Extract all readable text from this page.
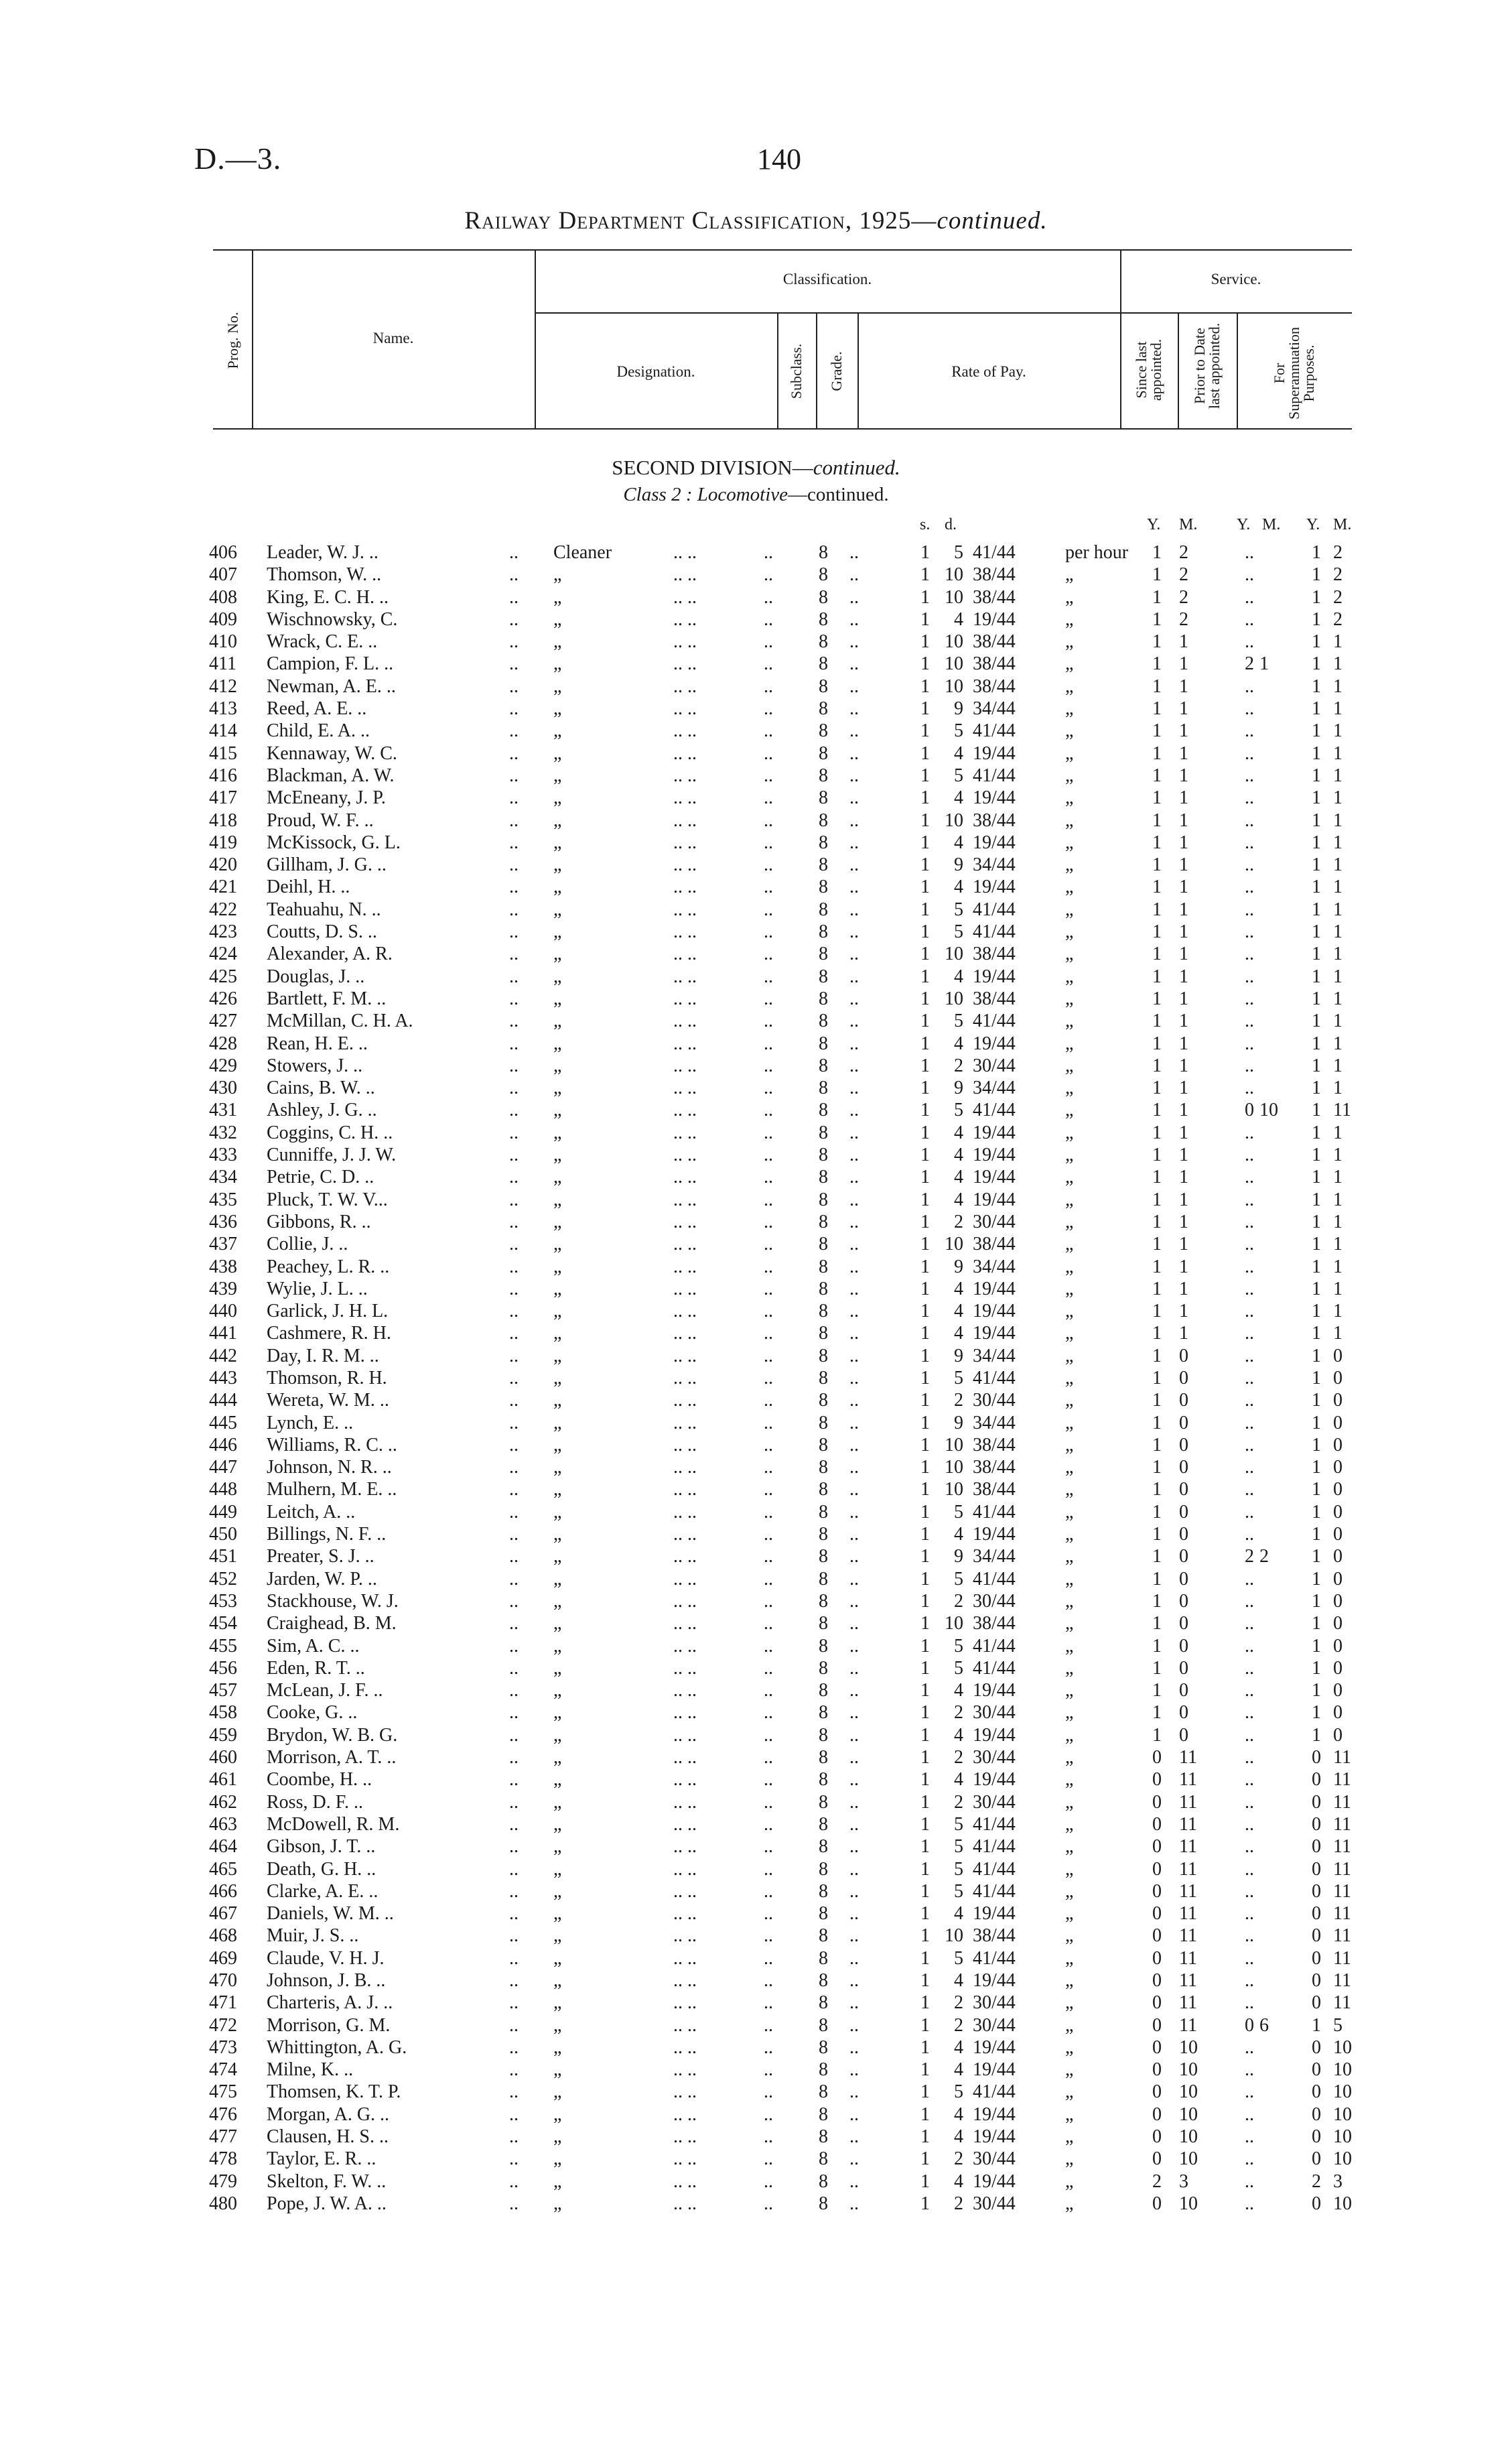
D.—3.	140
Railway Department Classification, 1925—continued.
Prog. No.	Name.
Classification.
Designation.	Subclass. Grade.	Rate of Pay.
Service.
Since last appointed. Prior to Date last appointed.	For Superannuation Purposes.
SECOND DIVISION—continued.
Class 2 : Locomotive—continued.
s. d.	Y. M. Y. M. Y. M.
406	Leader, W. J. ..	.. Cleaner	.. ..	.. 8 ..	1	5 41/44	per hour	1 2	..	1 2
407	Thomson, W. ..	.. „	.. ..	.. 8 ..	1 10 38/44	„	1 2	..	1 2
408	King, E. C. H. ..	.. „	.. ..	.. 8 ..	1 10 38/44	„	1 2	..	1 2
409	Wischnowsky, C.	.. „	.. ..	.. 8 ..	1	4 19/44	„	1 2	..	1 2
410	Wrack, C. E. ..	.. „	.. ..	.. 8 ..	1 10 38/44	„	1 1	..	1 1
411	Campion, F. L. ..	.. „	.. ..	.. 8 ..	1 10 38/44	„	1 1	2 1	1 1
412	Newman, A. E. ..	.. „	.. ..	.. 8 ..	1 10 38/44	„	1 1	..	1 1
413	Reed, A. E. ..	.. „	.. ..	.. 8 ..	1	9 34/44	„	1 1	..	1 1
414	Child, E. A. ..	.. „	.. ..	.. 8 ..	1	5 41/44	„	1 1	..	1 1
415	Kennaway, W. C.	.. „	.. ..	.. 8 ..	1	4 19/44	„	1 1	..	1 1
416	Blackman, A. W.	.. „	.. ..	.. 8 ..	1	5 41/44	„	1 1	..	1 1
417	McEneany, J. P.	.. „	.. ..	.. 8 ..	1	4 19/44	„	1 1	..	1 1
418	Proud, W. F. ..	.. „	.. ..	.. 8 ..	1 10 38/44	„	1 1	..	1 1
419	McKissock, G. L.	.. „	.. ..	.. 8 ..	1	4 19/44	„	1 1	..	1 1
420	Gillham, J. G. ..	.. „	.. ..	.. 8 ..	1	9 34/44	„	1 1	..	1 1
421	Deihl, H. ..	.. „	.. ..	.. 8 ..	1	4 19/44	„	1 1	..	1 1
422	Teahuahu, N. ..	.. „	.. ..	.. 8 ..	1	5 41/44	„	1 1	..	1 1
423	Coutts, D. S. ..	.. „	.. ..	.. 8 ..	1	5 41/44	„	1 1	..	1 1
424	Alexander, A. R.	.. „	.. ..	.. 8 ..	1 10 38/44	„	1 1	..	1 1
425	Douglas, J. ..	.. „	.. ..	.. 8 ..	1	4 19/44	„	1 1	..	1 1
426	Bartlett, F. M. ..	.. „	.. ..	.. 8 ..	1 10 38/44	„	1 1	..	1 1
427	McMillan, C. H. A.	.. „	.. ..	.. 8 ..	1	5 41/44	„	1 1	..	1 1
428	Rean, H. E. ..	.. „	.. ..	.. 8 ..	1	4 19/44	„	1 1	..	1 1
429	Stowers, J. ..	.. „	.. ..	.. 8 ..	1	2 30/44	„	1 1	..	1 1
430	Cains, B. W. ..	.. „	.. ..	.. 8 ..	1	9 34/44	„	1 1	..	1 1
431	Ashley, J. G. ..	.. „	.. ..	.. 8 ..	1	5 41/44	„	1 1	0 10	1 11
432	Coggins, C. H. ..	.. „	.. ..	.. 8 ..	1	4 19/44	„	1 1	..	1 1
433	Cunniffe, J. J. W.	.. „	.. ..	.. 8 ..	1	4 19/44	„	1 1	..	1 1
434	Petrie, C. D. ..	.. „	.. ..	.. 8 ..	1	4 19/44	„	1 1	..	1 1
435	Pluck, T. W. V...	.. „	.. ..	.. 8 ..	1	4 19/44	„	1 1	..	1 1
436	Gibbons, R. ..	.. „	.. ..	.. 8 ..	1	2 30/44	„	1 1	..	1 1
437	Collie, J. ..	.. „	.. ..	.. 8 ..	1 10 38/44	„	1 1	..	1 1
438	Peachey, L. R. ..	.. „	.. ..	.. 8 ..	1	9 34/44	„	1 1	..	1 1
439	Wylie, J. L. ..	.. „	.. ..	.. 8 ..	1	4 19/44	„	1 1	..	1 1
440	Garlick, J. H. L.	.. „	.. ..	.. 8 ..	1	4 19/44	„	1 1	..	1 1
441	Cashmere, R. H.	.. „	.. ..	.. 8 ..	1	4 19/44	„	1 1	..	1 1
442	Day, I. R. M. ..	.. „	.. ..	.. 8 ..	1	9 34/44	„	1 0	..	1 0
443	Thomson, R. H.	.. „	.. ..	.. 8 ..	1	5 41/44	„	1 0	..	1 0
444	Wereta, W. M. ..	.. „	.. ..	.. 8 ..	1	2 30/44	„	1 0	..	1 0
445	Lynch, E. ..	.. „	.. ..	.. 8 ..	1	9 34/44	„	1 0	..	1 0
446	Williams, R. C. ..	.. „	.. ..	.. 8 ..	1 10 38/44	„	1 0	..	1 0
447	Johnson, N. R. ..	.. „	.. ..	.. 8 ..	1 10 38/44	„	1 0	..	1 0
448	Mulhern, M. E. ..	.. „	.. ..	.. 8 ..	1 10 38/44	„	1 0	..	1 0
449	Leitch, A. ..	.. „	.. ..	.. 8 ..	1	5 41/44	„	1 0	..	1 0
450	Billings, N. F. ..	.. „	.. ..	.. 8 ..	1	4 19/44	„	1 0	..	1 0
451	Preater, S. J. ..	.. „	.. ..	.. 8 ..	1	9 34/44	„	1 0	2 2	1 0
452	Jarden, W. P. ..	.. „	.. ..	.. 8 ..	1	5 41/44	„	1 0	..	1 0
453	Stackhouse, W. J.	.. „	.. ..	.. 8 ..	1	2 30/44	„	1 0	..	1 0
454	Craighead, B. M.	.. „	.. ..	.. 8 ..	1 10 38/44	„	1 0	..	1 0
455	Sim, A. C. ..	.. „	.. ..	.. 8 ..	1	5 41/44	„	1 0	..	1 0
456	Eden, R. T. ..	.. „	.. ..	.. 8 ..	1	5 41/44	„	1 0	..	1 0
457	McLean, J. F. ..	.. „	.. ..	.. 8 ..	1	4 19/44	„	1 0	..	1 0
458	Cooke, G. ..	.. „	.. ..	.. 8 ..	1	2 30/44	„	1 0	..	1 0
459	Brydon, W. B. G.	.. „	.. ..	.. 8 ..	1	4 19/44	„	1 0	..	1 0
460	Morrison, A. T. ..	.. „	.. ..	.. 8 ..	1	2 30/44	„	0 11	..	0 11
461	Coombe, H. ..	.. „	.. ..	.. 8 ..	1	4 19/44	„	0 11	..	0 11
462	Ross, D. F. ..	.. „	.. ..	.. 8 ..	1	2 30/44	„	0 11	..	0 11
463	McDowell, R. M.	.. „	.. ..	.. 8 ..	1	5 41/44	„	0 11	..	0 11
464	Gibson, J. T. ..	.. „	.. ..	.. 8 ..	1	5 41/44	„	0 11	..	0 11
465	Death, G. H. ..	.. „	.. ..	.. 8 ..	1	5 41/44	„	0 11	..	0 11
466	Clarke, A. E. ..	.. „	.. ..	.. 8 ..	1	5 41/44	„	0 11	..	0 11
467	Daniels, W. M. ..	.. „	.. ..	.. 8 ..	1	4 19/44	„	0 11	..	0 11
468	Muir, J. S. ..	.. „	.. ..	.. 8 ..	1 10 38/44	„	0 11	..	0 11
469	Claude, V. H. J.	.. „	.. ..	.. 8 ..	1	5 41/44	„	0 11	..	0 11
470	Johnson, J. B. ..	.. „	.. ..	.. 8 ..	1	4 19/44	„	0 11	..	0 11
471	Charteris, A. J. ..	.. „	.. ..	.. 8 ..	1	2 30/44	„	0 11	..	0 11
472	Morrison, G. M.	.. „	.. ..	.. 8 ..	1	2 30/44	„	0 11	0 6	1 5
473	Whittington, A. G.	.. „	.. ..	.. 8 ..	1	4 19/44	„	0 10	..	0 10
474	Milne, K. ..	.. „	.. ..	.. 8 ..	1	4 19/44	„	0 10	..	0 10
475	Thomsen, K. T. P.	.. „	.. ..	.. 8 ..	1	5 41/44	„	0 10	..	0 10
476	Morgan, A. G. ..	.. „	.. ..	.. 8 ..	1	4 19/44	„	0 10	..	0 10
477	Clausen, H. S. ..	.. „	.. ..	.. 8 ..	1	4 19/44	„	0 10	..	0 10
478	Taylor, E. R. ..	.. „	.. ..	.. 8 ..	1	2 30/44	„	0 10	..	0 10
479	Skelton, F. W. ..	.. „	.. ..	.. 8 ..	1	4 19/44	„	2 3	..	2 3
480	Pope, J. W. A. ..	.. „	.. ..	.. 8 ..	1	2 30/44	„	0 10	..	0 10
